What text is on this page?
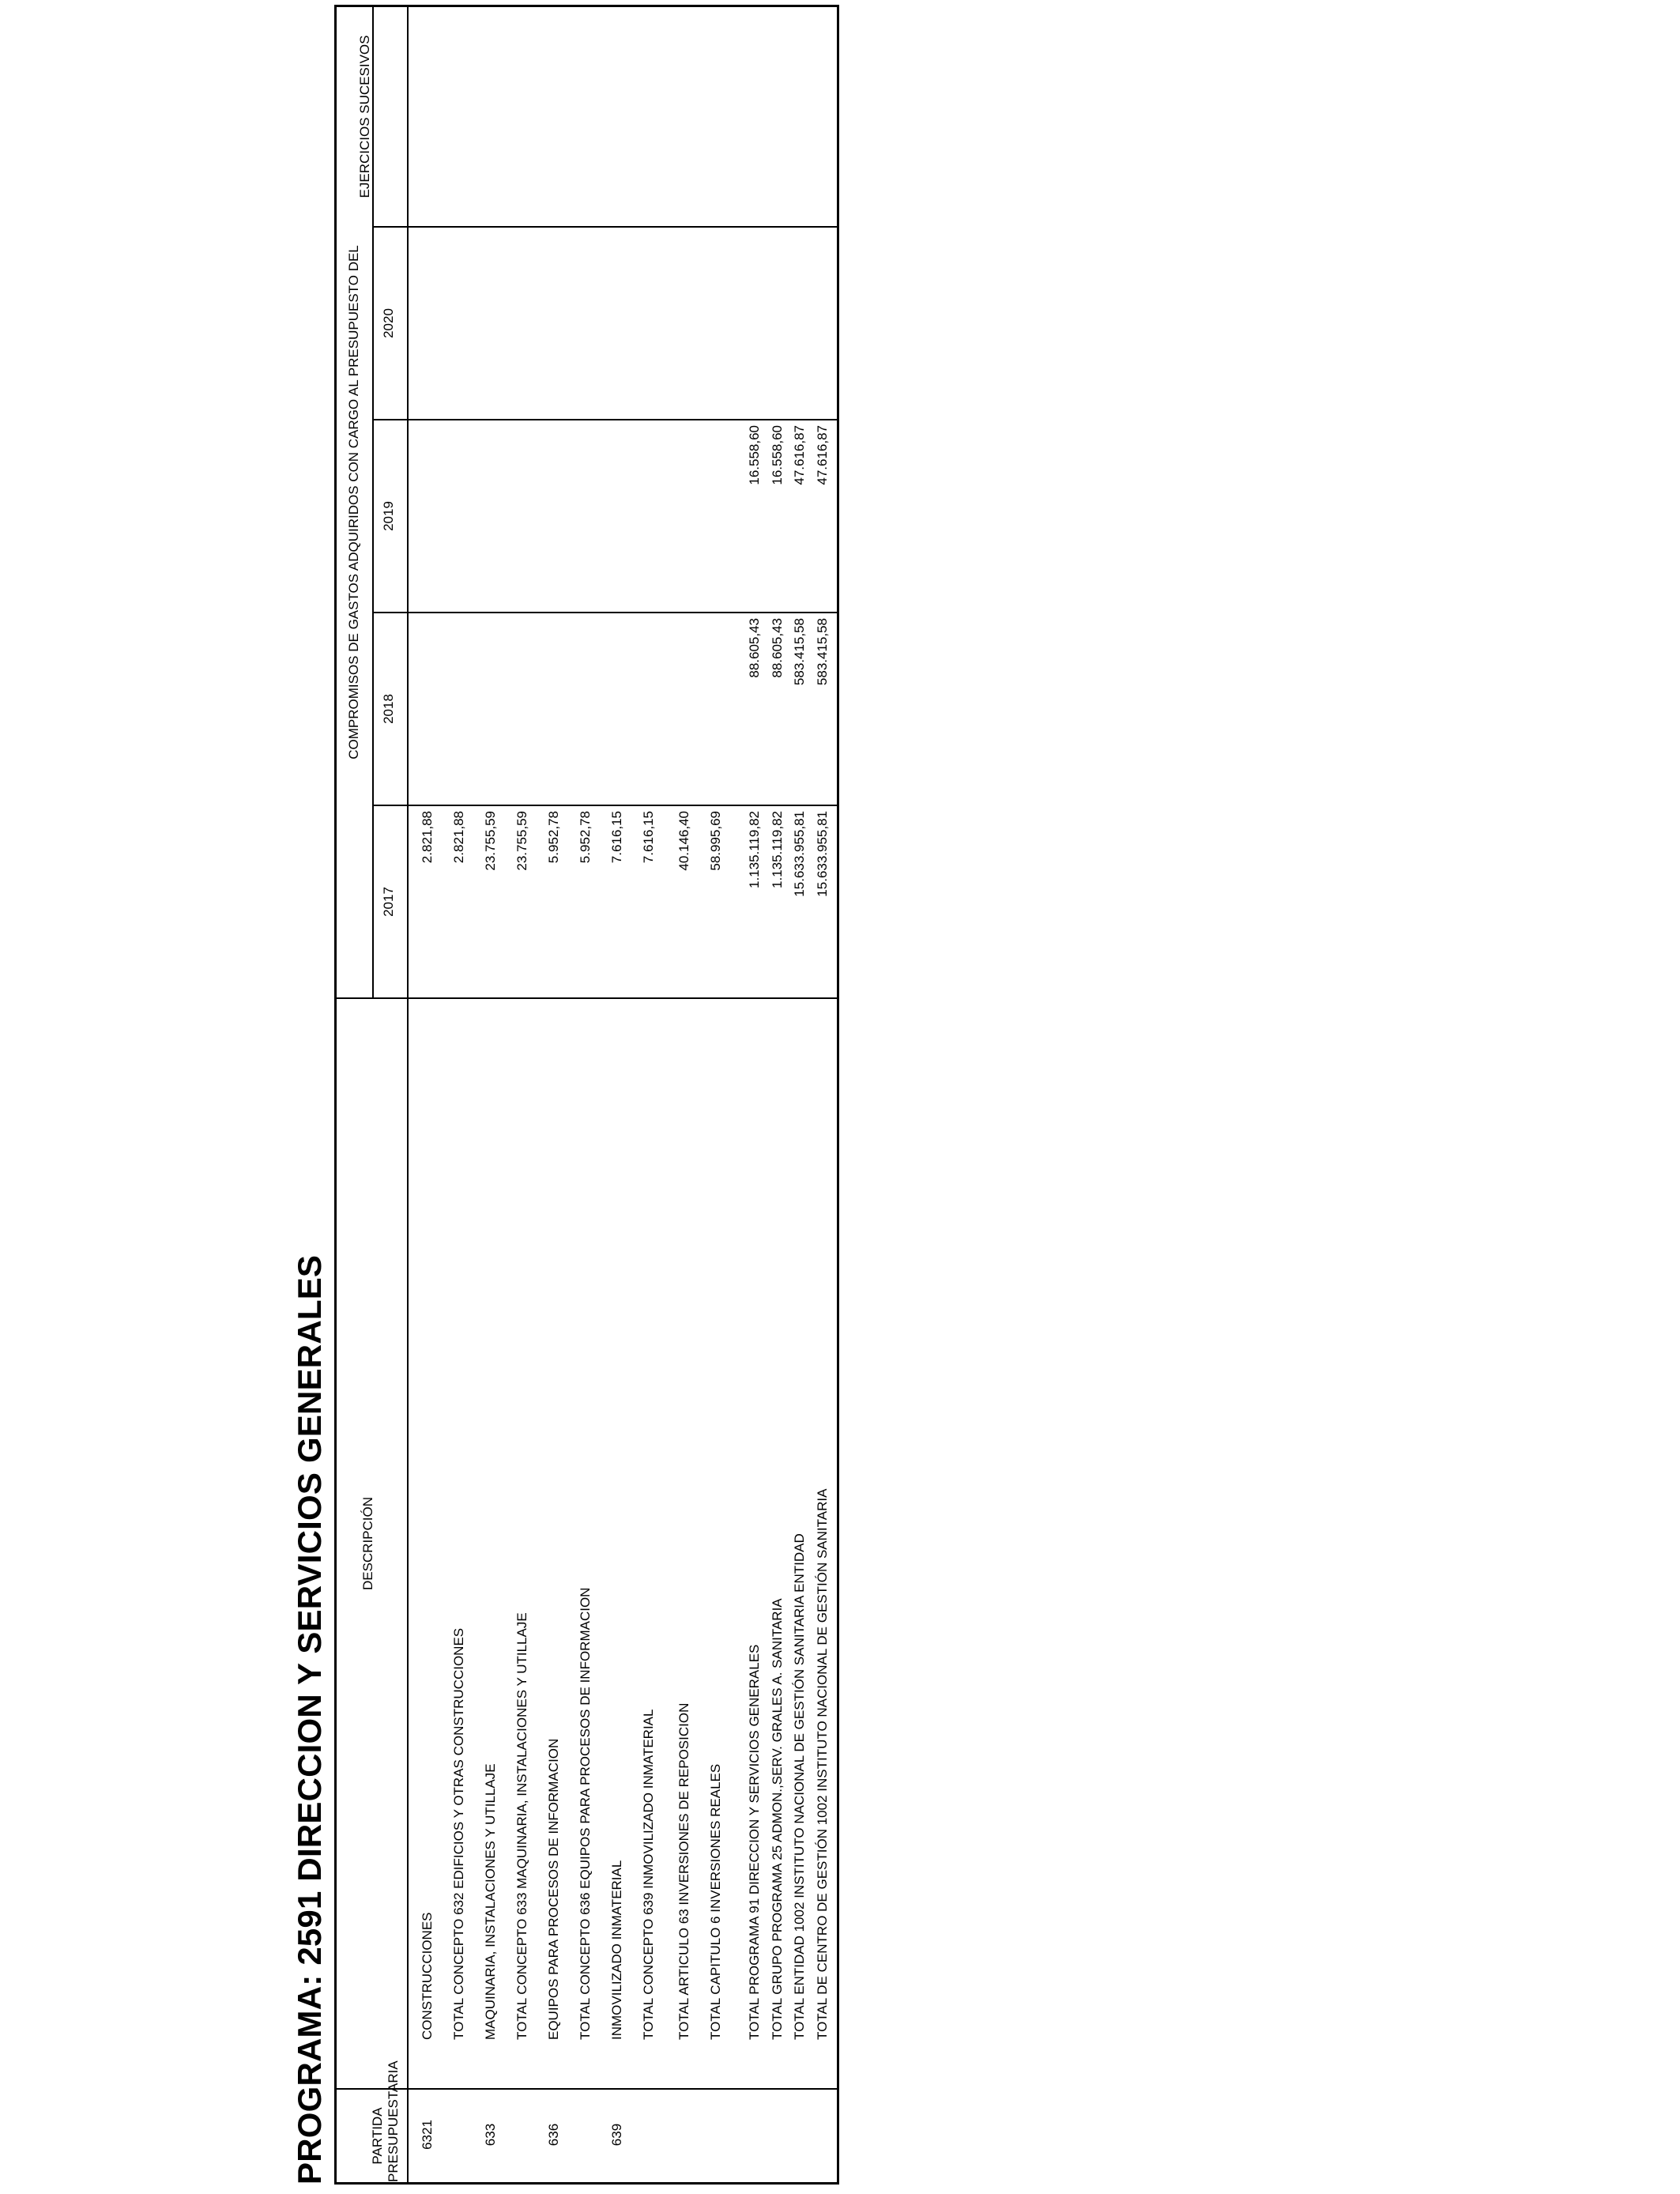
PROGRAMA: 2591 DIRECCION Y SERVICIOS GENERALES	PARTIDA PRESUPUESTARIA
DESCRIPCIÓN
COMPROMISOS DE GASTOS ADQUIRIDOS CON CARGO AL PRESUPUESTO DEL
2017
2018
2019
2020
EJERCICIOS SUCESIVOS
6321
CONSTRUCCIONES
2.821,88
TOTAL CONCEPTO 632 EDIFICIOS Y OTRAS CONSTRUCCIONES
2.821,88
633
MAQUINARIA, INSTALACIONES Y UTILLAJE
23.755,59
TOTAL CONCEPTO 633 MAQUINARIA, INSTALACIONES Y UTILLAJE
23.755,59
636
EQUIPOS PARA PROCESOS DE INFORMACION
5.952,78
TOTAL CONCEPTO 636 EQUIPOS PARA PROCESOS DE INFORMACION
5.952,78
639
INMOVILIZADO INMATERIAL
7.616,15
TOTAL CONCEPTO 639 INMOVILIZADO INMATERIAL
7.616,15
TOTAL ARTICULO 63 INVERSIONES DE REPOSICION
40.146,40
TOTAL CAPITULO 6 INVERSIONES REALES
58.995,69
TOTAL PROGRAMA 91 DIRECCION Y SERVICIOS GENERALES
1.135.119,82
88.605,43
16.558,60
TOTAL GRUPO PROGRAMA 25 ADMON.,SERV. GRALES A. SANITARIA
1.135.119,82
88.605,43
16.558,60
TOTAL ENTIDAD 1002 INSTITUTO NACIONAL DE GESTIÓN SANITARIA ENTIDAD
15.633.955,81
583.415,58
47.616,87
TOTAL DE CENTRO DE GESTIÓN 1002 INSTITUTO NACIONAL DE GESTIÓN SANITARIA
15.633.955,81
583.415,58
47.616,87
